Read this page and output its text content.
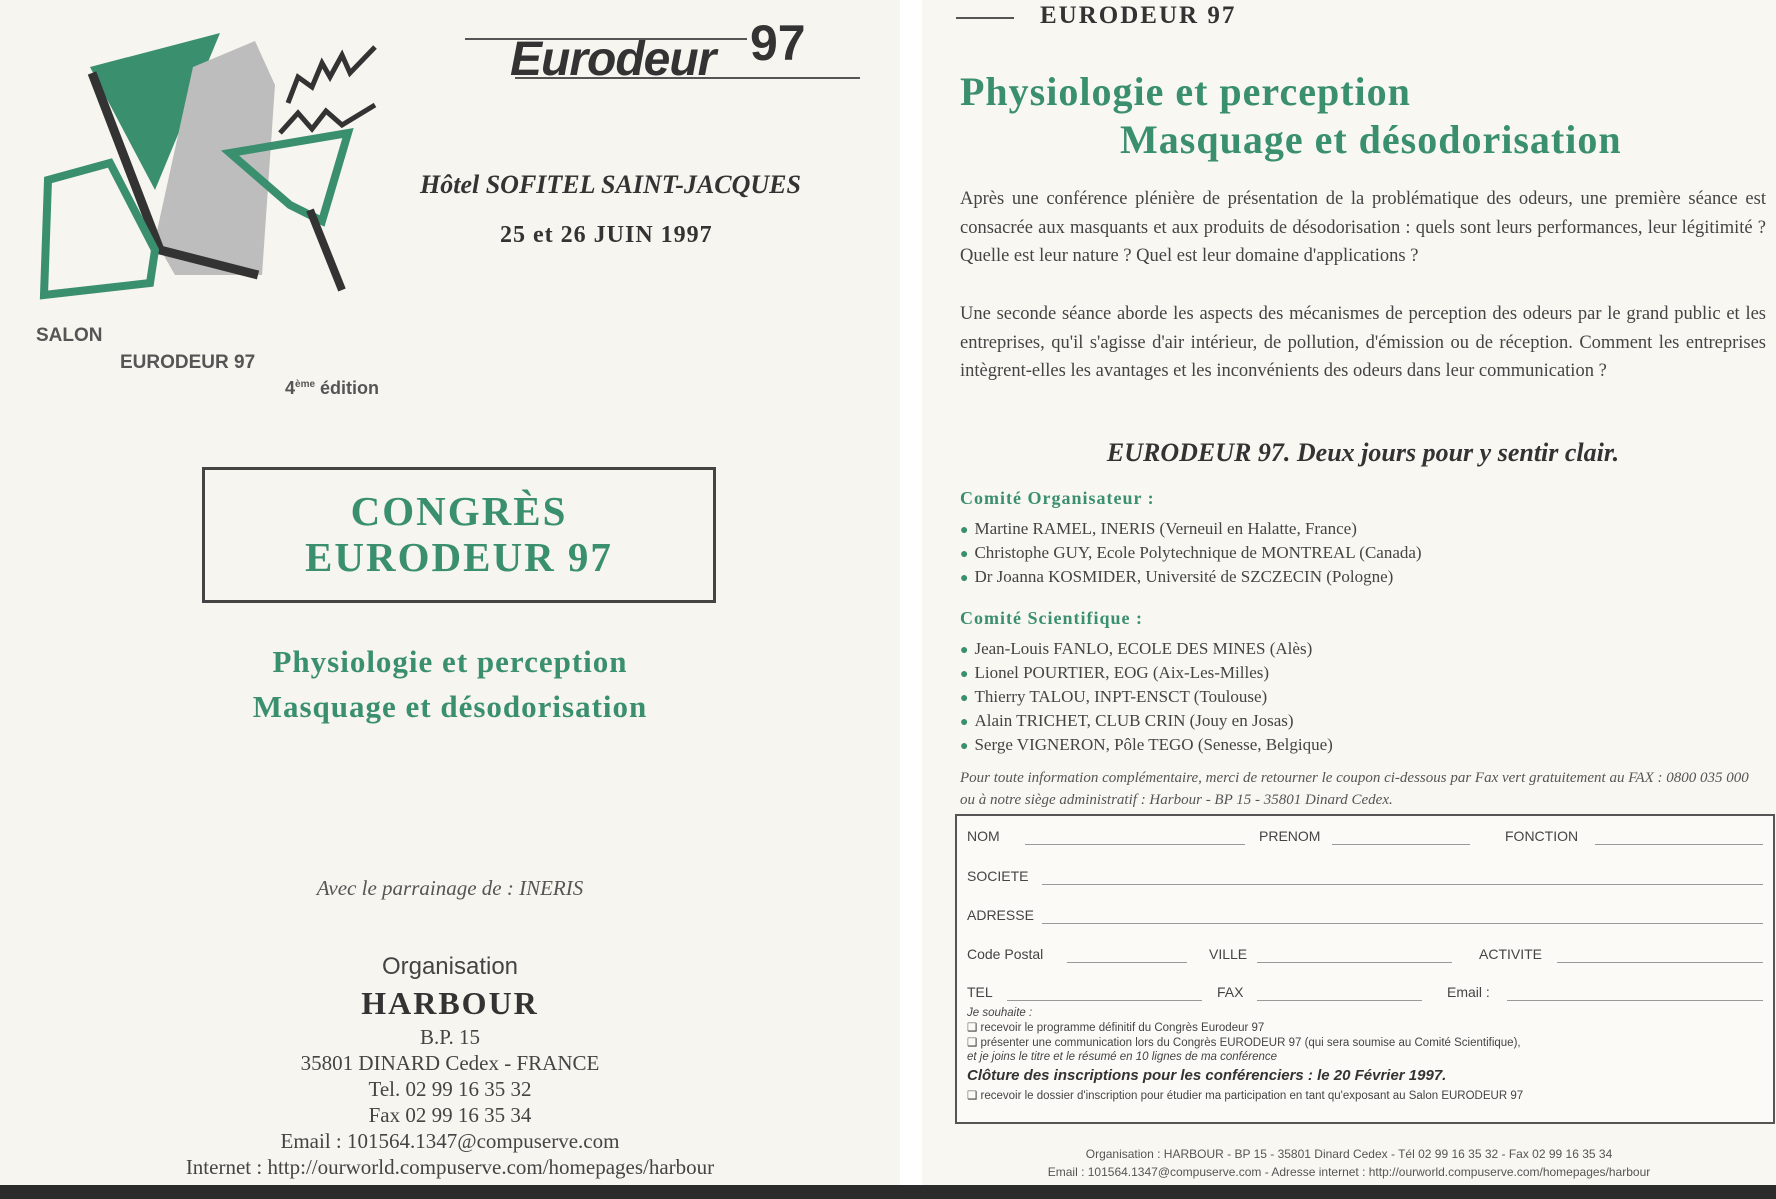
SALON
EURODEUR 97
4ème édition
Eurodeur 97
Hôtel SOFITEL SAINT-JACQUES
25 et 26 JUIN 1997
CONGRÈS
EURODEUR 97
Physiologie et perception
Masquage et désodorisation
Avec le parrainage de : INERIS
Organisation
HARBOUR
B.P. 15
35801 DINARD Cedex - FRANCE
Tel. 02 99 16 35 32
Fax 02 99 16 35 34
Email : 101564.1347@compuserve.com
Internet : http://ourworld.compuserve.com/homepages/harbour
EURODEUR 97
Physiologie et perception
Masquage et désodorisation
Après une conférence plénière de présentation de la problématique des odeurs, une première séance est consacrée aux masquants et aux produits de désodorisation : quels sont leurs performances, leur légitimité ? Quelle est leur nature ? Quel est leur domaine d'applications ?
Une seconde séance aborde les aspects des mécanismes de perception des odeurs par le grand public et les entreprises, qu'il s'agisse d'air intérieur, de pollution, d'émission ou de réception. Comment les entreprises intègrent-elles les avantages et les inconvénients des odeurs dans leur communication ?
EURODEUR 97. Deux jours pour y sentir clair.
Comité Organisateur :
● Martine RAMEL, INERIS (Verneuil en Halatte, France)
● Christophe GUY, Ecole Polytechnique de MONTREAL (Canada)
● Dr Joanna KOSMIDER, Université de SZCZECIN (Pologne)
Comité Scientifique :
● Jean-Louis FANLO, ECOLE DES MINES (Alès)
● Lionel POURTIER, EOG (Aix-Les-Milles)
● Thierry TALOU, INPT-ENSCT (Toulouse)
● Alain TRICHET, CLUB CRIN (Jouy en Josas)
● Serge VIGNERON, Pôle TEGO (Senesse, Belgique)
Pour toute information complémentaire, merci de retourner le coupon ci-dessous par Fax vert gratuitement au FAX : 0800 035 000 ou à notre siège administratif : Harbour - BP 15 - 35801 Dinard Cedex.
NOM	PRENOM	FONCTION
SOCIETE
ADRESSE
Code Postal	VILLE	ACTIVITE
TEL	FAX	Email :
Je souhaite :
❑ recevoir le programme définitif du Congrès Eurodeur 97
❑ présenter une communication lors du Congrès EURODEUR 97 (qui sera soumise au Comité Scientifique),
et je joins le titre et le résumé en 10 lignes de ma conférence
Clôture des inscriptions pour les conférenciers : le 20 Février 1997.
❑ recevoir le dossier d'inscription pour étudier ma participation en tant qu'exposant au Salon EURODEUR 97
Organisation : HARBOUR - BP 15 - 35801 Dinard Cedex - Tél 02 99 16 35 32 - Fax 02 99 16 35 34
Email : 101564.1347@compuserve.com - Adresse internet : http://ourworld.compuserve.com/homepages/harbour
